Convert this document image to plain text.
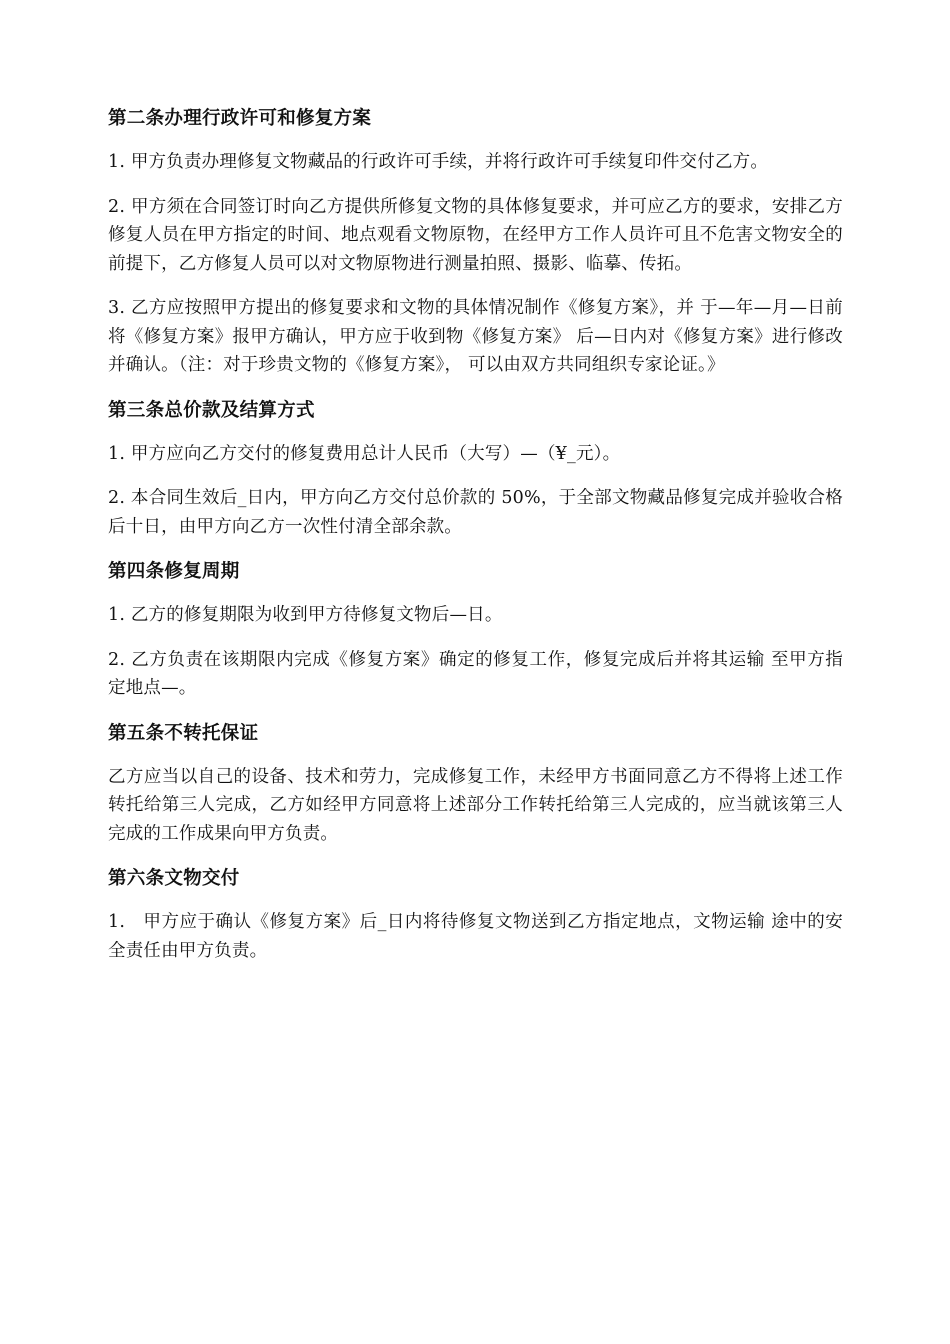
第二条办理行政许可和修复方案

1. 甲方负责办理修复文物藏品的行政许可手续，并将行政许可手续复印件交付乙方。

2. 甲方须在合同签订时向乙方提供所修复文物的具体修复要求，并可应乙方的要求，安排乙方修复人员在甲方指定的时间、地点观看文物原物，在经甲方工作人员许可且不危害文物安全的前提下，乙方修复人员可以对文物原物进行测量拍照、摄影、临摹、传拓。

3. 乙方应按照甲方提出的修复要求和文物的具体情况制作《修复方案》，并 于—年—月—日前将《修复方案》报甲方确认，甲方应于收到物《修复方案》 后—日内对《修复方案》进行修改并确认。（注：对于珍贵文物的《修复方案》， 可以由双方共同组织专家论证。》

第三条总价款及结算方式

1. 甲方应向乙方交付的修复费用总计人民币（大写）—（¥_元）。

2. 本合同生效后_日内，甲方向乙方交付总价款的 50%，于全部文物藏品修复完成并验收合格后十日，由甲方向乙方一次性付清全部余款。

第四条修复周期

1. 乙方的修复期限为收到甲方待修复文物后—日。

2. 乙方负责在该期限内完成《修复方案》确定的修复工作，修复完成后并将其运输 至甲方指定地点—。

第五条不转托保证

乙方应当以自己的设备、技术和劳力，完成修复工作，未经甲方书面同意乙方不得将上述工作转托给第三人完成，乙方如经甲方同意将上述部分工作转托给第三人完成的，应当就该第三人完成的工作成果向甲方负责。

第六条文物交付

1.　甲方应于确认《修复方案》后_日内将待修复文物送到乙方指定地点，文物运输 途中的安全责任由甲方负责。
